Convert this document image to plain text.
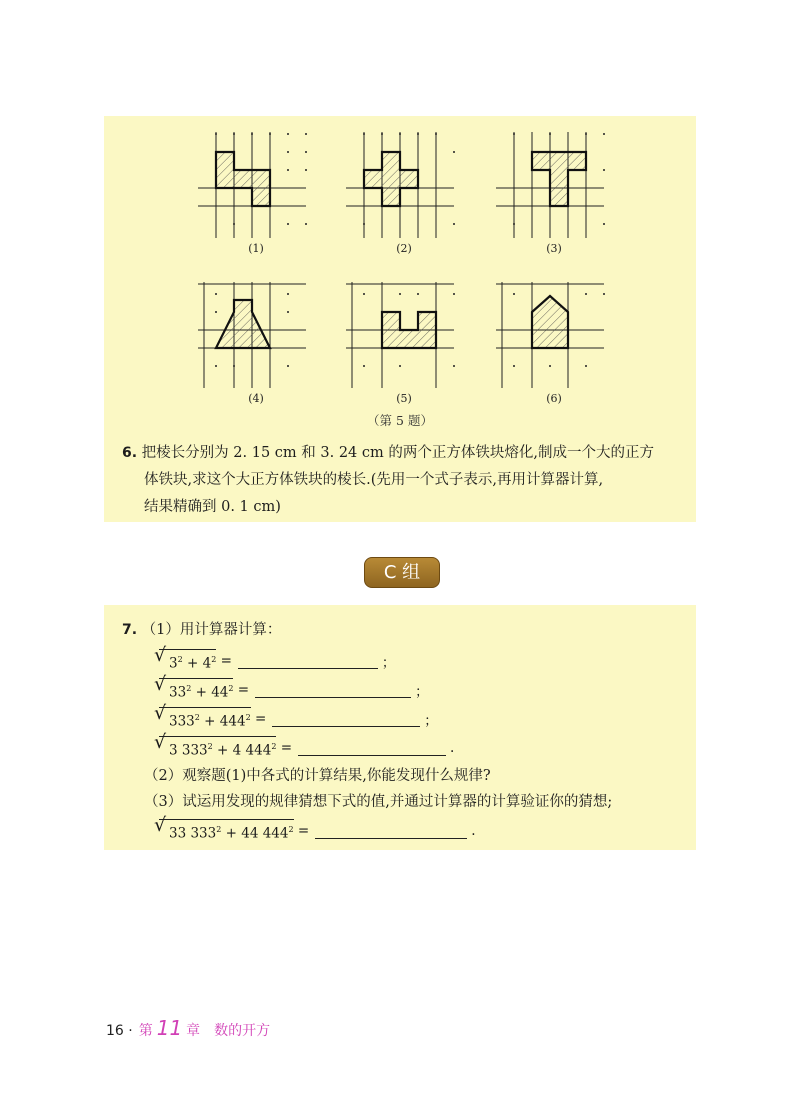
(1)	(2)	(3)
(4)	(5)	(6)
（第 5 题）
6. 把棱长分别为 2. 15 cm 和 3. 24 cm 的两个正方体铁块熔化,制成一个大的正方
体铁块,求这个大正方体铁块的棱长.(先用一个式子表示,再用计算器计算,
结果精确到 0. 1 cm)
C 组
7. （1）用计算器计算：
√ $3^2 + 4^2$ =	；
√ $33^2 + 44^2$ =	；
√ $333^2 + 444^2$ =	；
√ 3 $333^2 + 4$ $444^2$ =	.
（2）观察题(1)中各式的计算结果,你能发现什么规律?
（3）试运用发现的规律猜想下式的值,并通过计算器的计算验证你的猜想;
√ 33 $333^2 + 44$ $444^2$ =	.
16 · 第 11 章 数的开方
